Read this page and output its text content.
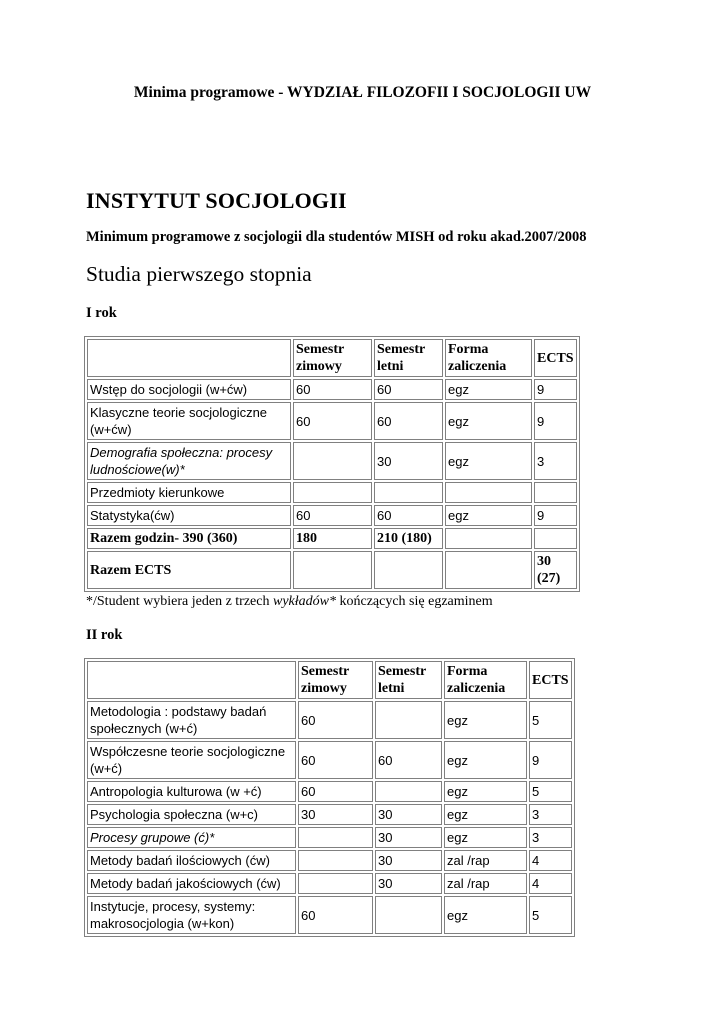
Minima programowe - WYDZIAŁ FILOZOFII I SOCJOLOGII UW
INSTYTUT SOCJOLOGII
Minimum programowe z socjologii dla studentów MISH od roku akad.2007/2008
Studia pierwszego stopnia
I rok
	Semestr zimowy	Semestr letni	Forma zaliczenia	ECTS
Wstęp do socjologii (w+ćw)	60	60	egz	9
Klasyczne teorie socjologiczne (w+ćw)	60	60	egz	9
Demografia społeczna: procesy ludnościowe(w)*		30	egz	3
Przedmioty kierunkowe				
Statystyka(ćw)	60	60	egz	9
Razem godzin- 390 (360)	180	210 (180)		
Razem ECTS				30 (27)
*/Student wybiera jeden z trzech wykładów* kończących się egzaminem
II rok
	Semestr zimowy	Semestr letni	Forma zaliczenia	ECTS
Metodologia : podstawy badań społecznych (w+ć)	60		egz	5
Współczesne teorie socjologiczne (w+ć)	60	60	egz	9
Antropologia kulturowa (w +ć)	60		egz	5
Psychologia społeczna (w+c)	30	30	egz	3
Procesy grupowe (ć)*		30	egz	3
Metody badań ilościowych (ćw)		30	zal /rap	4
Metody badań jakościowych (ćw)		30	zal /rap	4
Instytucje, procesy, systemy: makrosocjologia (w+kon)	60		egz	5
